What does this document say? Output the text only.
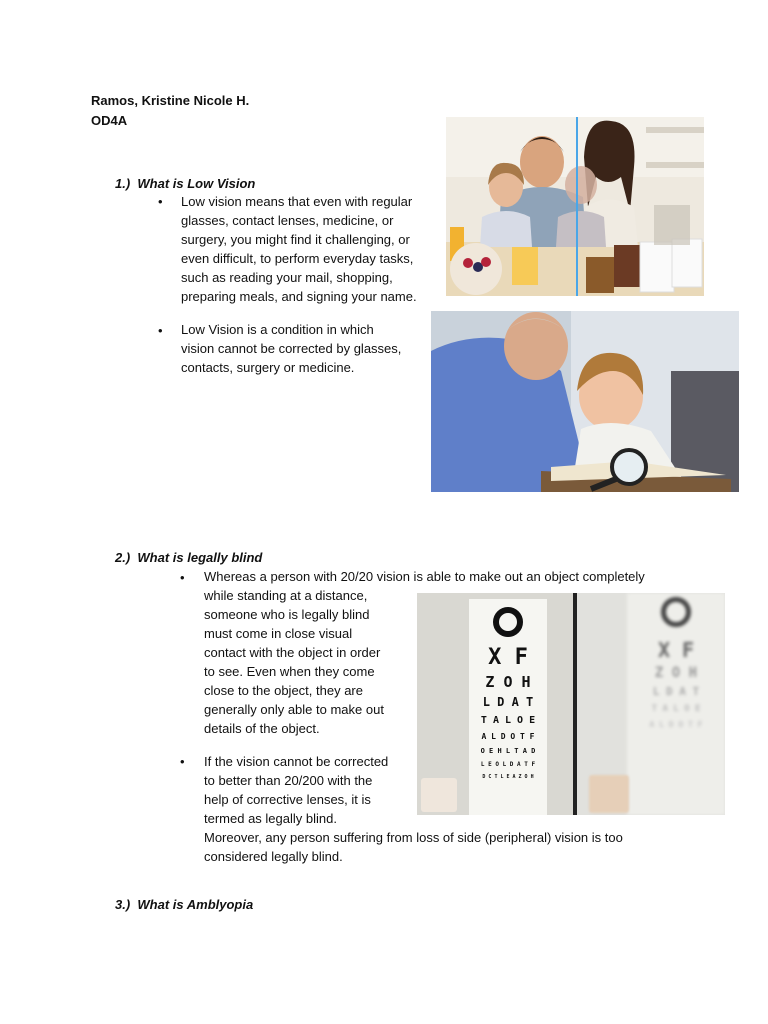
Ramos, Kristine Nicole H.
OD4A
1.) What is Low Vision
• Low vision means that even with regular
glasses, contact lenses, medicine, or
surgery, you might find it challenging, or
even difficult, to perform everyday tasks,
such as reading your mail, shopping,
preparing meals, and signing your name.
• Low Vision is a condition in which
vision cannot be corrected by glasses,
contacts, surgery or medicine.
2.) What is legally blind
• Whereas a person with 20/20 vision is able to make out an object completely
while standing at a distance,
someone who is legally blind
must come in close visual
contact with the object in order
to see. Even when they come
close to the object, they are
generally only able to make out
details of the object.
• If the vision cannot be corrected
to better than 20/200 with the
help of corrective lenses, it is
termed as legally blind.
Moreover, any person suffering from loss of side (peripheral) vision is too
considered legally blind.
X F
Z O H
L D A T
T A L O E
A L D O T F
O E H L T A D
L E O L D A T F
D C T L E A Z O H
X F
Z O H
L D A T
T A L O E
A L D O T F
3.) What is Amblyopia
